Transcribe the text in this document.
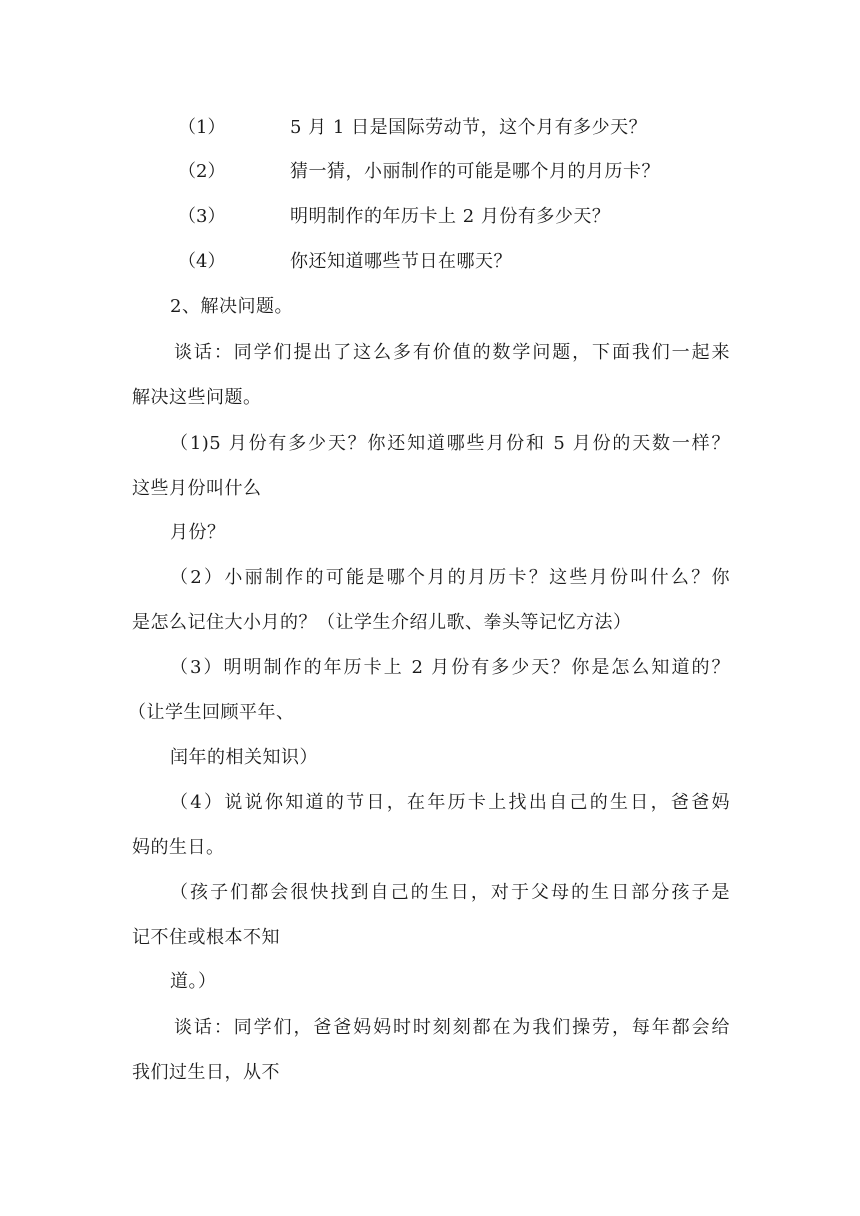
（1）	5 月 1 日是国际劳动节，这个月有多少天？
（2）	猜一猜，小丽制作的可能是哪个月的月历卡？
（3）	明明制作的年历卡上 2 月份有多少天？
（4）	你还知道哪些节日在哪天？
2、解决问题。
谈话：同学们提出了这么多有价值的数学问题，下面我们一起来
解决这些问题。
（1)5 月份有多少天？你还知道哪些月份和 5 月份的天数一样？
这些月份叫什么
月份？
（2）小丽制作的可能是哪个月的月历卡？这些月份叫什么？你
是怎么记住大小月的？（让学生介绍儿歌、拳头等记忆方法）
（3）明明制作的年历卡上 2 月份有多少天？你是怎么知道的？
（让学生回顾平年、
闰年的相关知识）
（4）说说你知道的节日，在年历卡上找出自己的生日，爸爸妈
妈的生日。
（孩子们都会很快找到自己的生日，对于父母的生日部分孩子是
记不住或根本不知
道。）
谈话：同学们，爸爸妈妈时时刻刻都在为我们操劳，每年都会给
我们过生日，从不
